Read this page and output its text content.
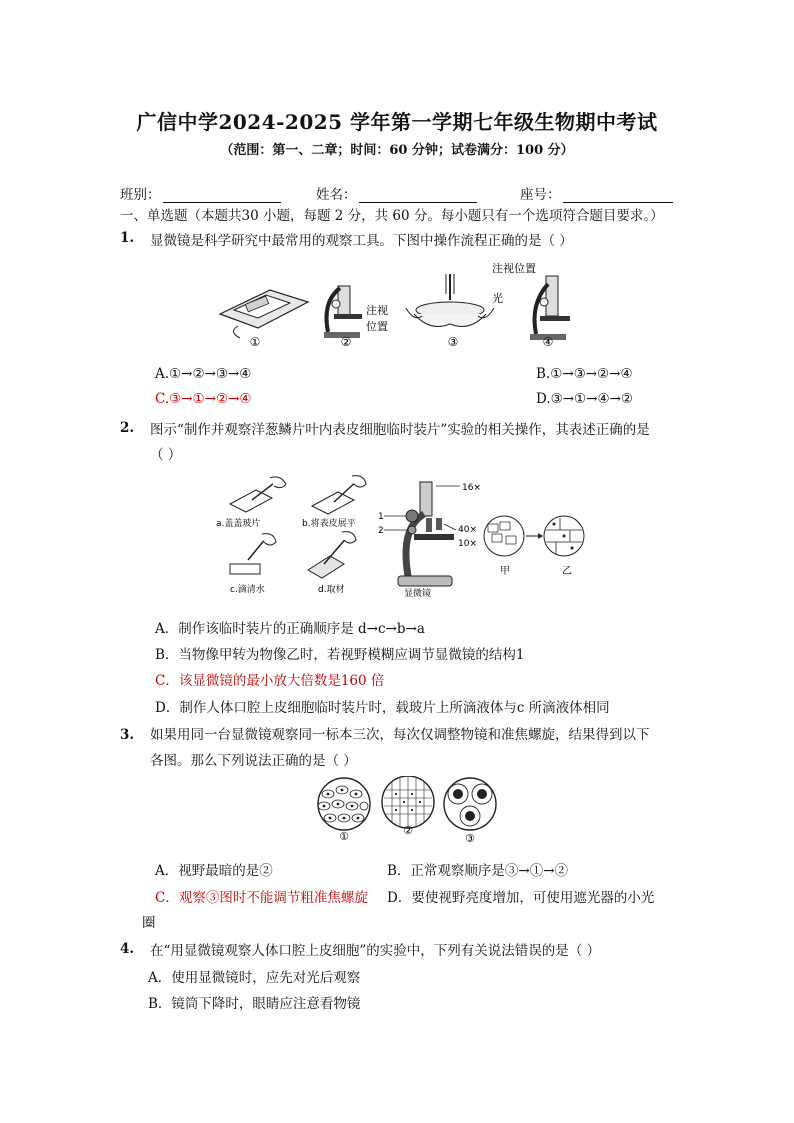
广信中学2024-2025 学年第一学期七年级生物期中考试
（范围：第一、二章；时间：60 分钟；试卷满分：100 分）
班别：	姓名：	座号：
一、单选题（本题共30 小题，每题 2 分，共 60 分。每小题只有一个选项符合题目要求。）
1. 显微镜是科学研究中最常用的观察工具。下图中操作流程正确的是（ ）
①
注视
位置
②
光
③
注视位置
④
A.①→②→③→④	B.①→③→②→④
C.③→①→②→④	D.③→①→④→②
2. 图示“制作并观察洋葱鳞片叶内表皮细胞临时装片”实验的相关操作，其表述正确的是
（ ）
a.盖盖玻片	b.将表皮展平
c.滴清水	d.取材
1
2
16×
40×
10×
显微镜
甲	乙
A．制作该临时装片的正确顺序是 d→c→b→a
B．当物像甲转为物像乙时，若视野模糊应调节显微镜的结构1
C．该显微镜的最小放大倍数是160 倍
D．制作人体口腔上皮细胞临时装片时，载玻片上所滴液体与c 所滴液体相同
3. 如果用同一台显微镜观察同一标本三次，每次仅调整物镜和准焦螺旋，结果得到以下
各图。那么下列说法正确的是（ ）
①	②
③
A．视野最暗的是②	B．正常观察顺序是③→①→②
C．观察③图时不能调节粗准焦螺旋 D．要使视野亮度增加，可使用遮光器的小光
圈
4. 在“用显微镜观察人体口腔上皮细胞”的实验中，下列有关说法错误的是（ ）
A．使用显微镜时，应先对光后观察
B．镜筒下降时，眼睛应注意看物镜
